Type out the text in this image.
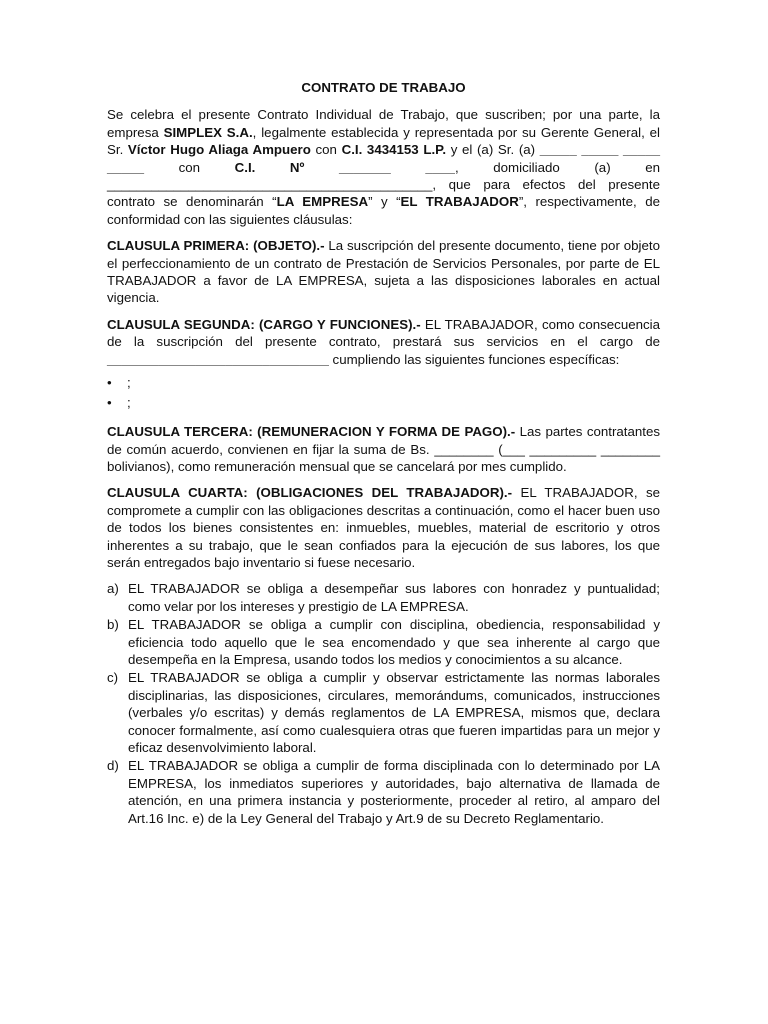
CONTRATO DE TRABAJO

Se celebra el presente Contrato Individual de Trabajo, que suscriben; por una parte, la empresa SIMPLEX S.A., legalmente establecida y representada por su Gerente General, el Sr. Víctor Hugo Aliaga Ampuero con C.I. 3434153 L.P. y el (a) Sr. (a) _____ _____ _____ _____ con C.I. Nº _______ ____, domiciliado (a) en ____________________________________________, que para efectos del presente contrato se denominarán “LA EMPRESA” y “EL TRABAJADOR”, respectivamente, de conformidad con las siguientes cláusulas:

CLAUSULA PRIMERA: (OBJETO).- La suscripción del presente documento, tiene por objeto el perfeccionamiento de un contrato de Prestación de Servicios Personales, por parte de EL TRABAJADOR a favor de LA EMPRESA, sujeta a las disposiciones laborales en actual vigencia.

CLAUSULA SEGUNDA: (CARGO Y FUNCIONES).- EL TRABAJADOR, como consecuencia de la suscripción del presente contrato, prestará sus servicios en el cargo de ______________________________ cumpliendo las siguientes funciones específicas:

• ;
• ;

CLAUSULA TERCERA: (REMUNERACION Y FORMA DE PAGO).- Las partes contratantes de común acuerdo, convienen en fijar la suma de Bs. ________ (___ _________ ________ bolivianos), como remuneración mensual que se cancelará por mes cumplido.

CLAUSULA CUARTA: (OBLIGACIONES DEL TRABAJADOR).- EL TRABAJADOR, se compromete a cumplir con las obligaciones descritas a continuación, como el hacer buen uso de todos los bienes consistentes en: inmuebles, muebles, material de escritorio y otros inherentes a su trabajo, que le sean confiados para la ejecución de sus labores, los que serán entregados bajo inventario si fuese necesario.

a) EL TRABAJADOR se obliga a desempeñar sus labores con honradez y puntualidad; como velar por los intereses y prestigio de LA EMPRESA.
b) EL TRABAJADOR se obliga a cumplir con disciplina, obediencia, responsabilidad y eficiencia todo aquello que le sea encomendado y que sea inherente al cargo que desempeña en la Empresa, usando todos los medios y conocimientos a su alcance.
c) EL TRABAJADOR se obliga a cumplir y observar estrictamente las normas laborales disciplinarias, las disposiciones, circulares, memorándums, comunicados, instrucciones (verbales y/o escritas) y demás reglamentos de LA EMPRESA, mismos que, declara conocer formalmente, así como cualesquiera otras que fueren impartidas para un mejor y eficaz desenvolvimiento laboral.
d) EL TRABAJADOR se obliga a cumplir de forma disciplinada con lo determinado por LA EMPRESA, los inmediatos superiores y autoridades, bajo alternativa de llamada de atención, en una primera instancia y posteriormente, proceder al retiro, al amparo del Art.16 Inc. e) de la Ley General del Trabajo y Art.9 de su Decreto Reglamentario.
